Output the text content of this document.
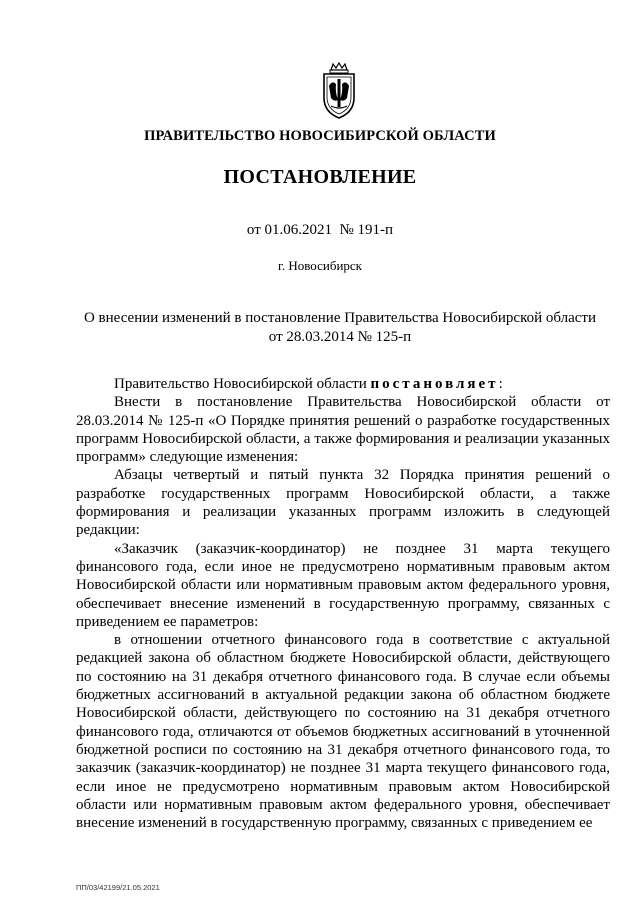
ПРАВИТЕЛЬСТВО НОВОСИБИРСКОЙ ОБЛАСТИ
ПОСТАНОВЛЕНИЕ
от 01.06.2021  № 191-п
г. Новосибирск
О внесении изменений в постановление Правительства Новосибирской области
от 28.03.2014 № 125-п

Правительство Новосибирской области постановляет:

Внести в постановление Правительства Новосибирской области от 28.03.2014 № 125-п «О Порядке принятия решений о разработке государственных программ Новосибирской области, а также формирования и реализации указанных программ» следующие изменения:

Абзацы четвертый и пятый пункта 32 Порядка принятия решений о разработке государственных программ Новосибирской области, а также формирования и реализации указанных программ изложить в следующей редакции:

«Заказчик (заказчик-координатор) не позднее 31 марта текущего финансового года, если иное не предусмотрено нормативным правовым актом Новосибирской области или нормативным правовым актом федерального уровня, обеспечивает внесение изменений в государственную программу, связанных с приведением ее параметров:

в отношении отчетного финансового года в соответствие с актуальной редакцией закона об областном бюджете Новосибирской области, действующего по состоянию на 31 декабря отчетного финансового года. В случае если объемы бюджетных ассигнований в актуальной редакции закона об областном бюджете Новосибирской области, действующего по состоянию на 31 декабря отчетного финансового года, отличаются от объемов бюджетных ассигнований в уточненной бюджетной росписи по состоянию на 31 декабря отчетного финансового года, то заказчик (заказчик-координатор) не позднее 31 марта текущего финансового года, если иное не предусмотрено нормативным правовым актом Новосибирской области или нормативным правовым актом федерального уровня, обеспечивает внесение изменений в государственную программу, связанных с приведением ее

ПП/03/42199/21.05.2021
